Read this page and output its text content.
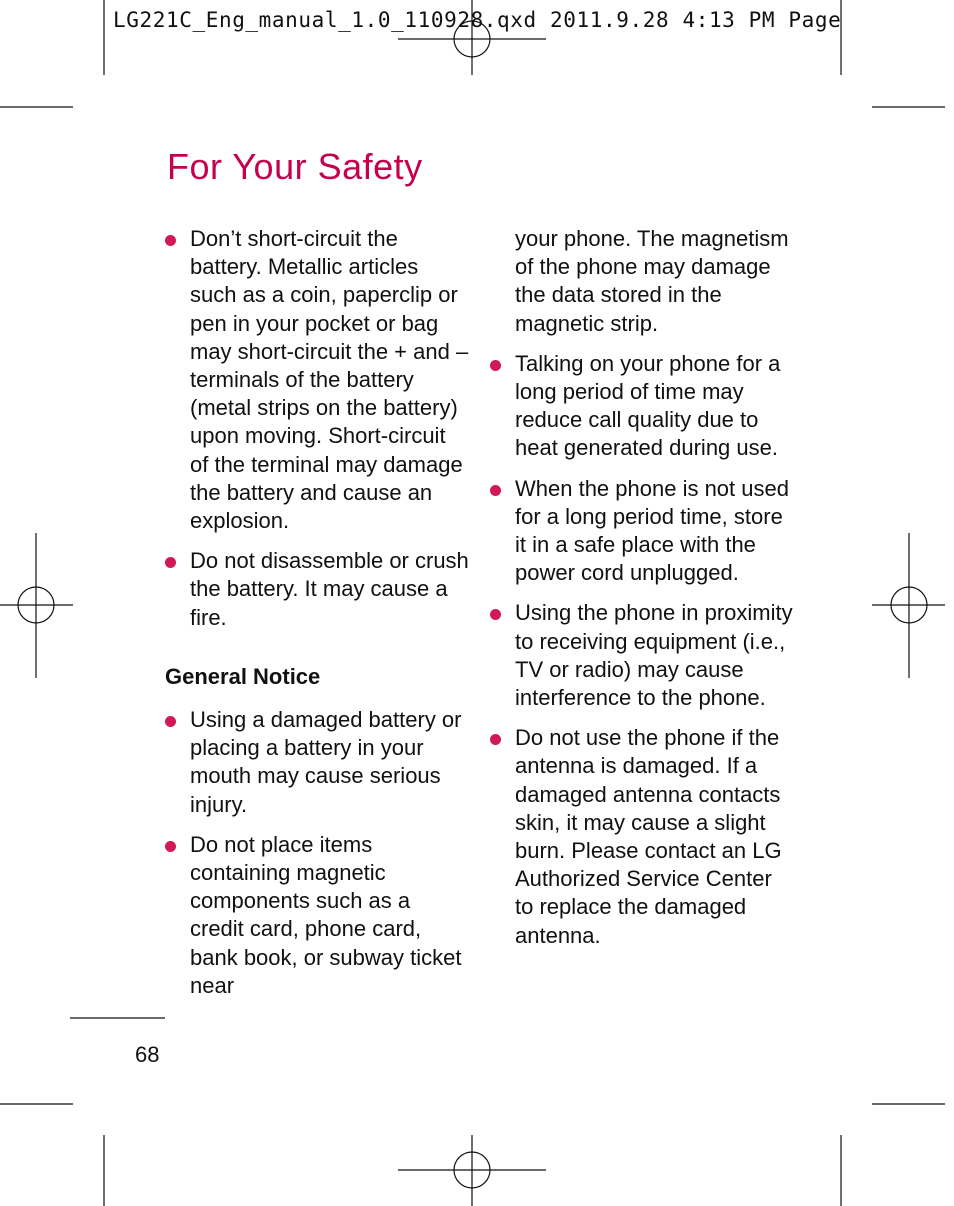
LG221C_Eng_manual_1.0_110928.qxd 2011.9.28 4:13 PM Page
For Your Safety
Don’t short-circuit the battery. Metallic articles such as a coin, paperclip or pen in your pocket or bag may short-circuit the + and – terminals of the battery (metal strips on the battery) upon moving. Short-circuit of the terminal may damage the battery and cause an explosion.
Do not disassemble or crush the battery. It may cause a fire.
General Notice
Using a damaged battery or placing a battery in your mouth may cause serious injury.
Do not place items containing magnetic components such as a credit card, phone card, bank book, or subway ticket near
your phone. The magnetism of the phone may damage the data stored in the magnetic strip.
Talking on your phone for a long period of time may reduce call quality due to heat generated during use.
When the phone is not used for a long period time, store it in a safe place with the power cord unplugged.
Using the phone in proximity to receiving equipment (i.e., TV or radio) may cause interference to the phone.
Do not use the phone if the antenna is damaged. If a damaged antenna contacts skin, it may cause a slight burn. Please contact an LG Authorized Service Center to replace the damaged antenna.
68
